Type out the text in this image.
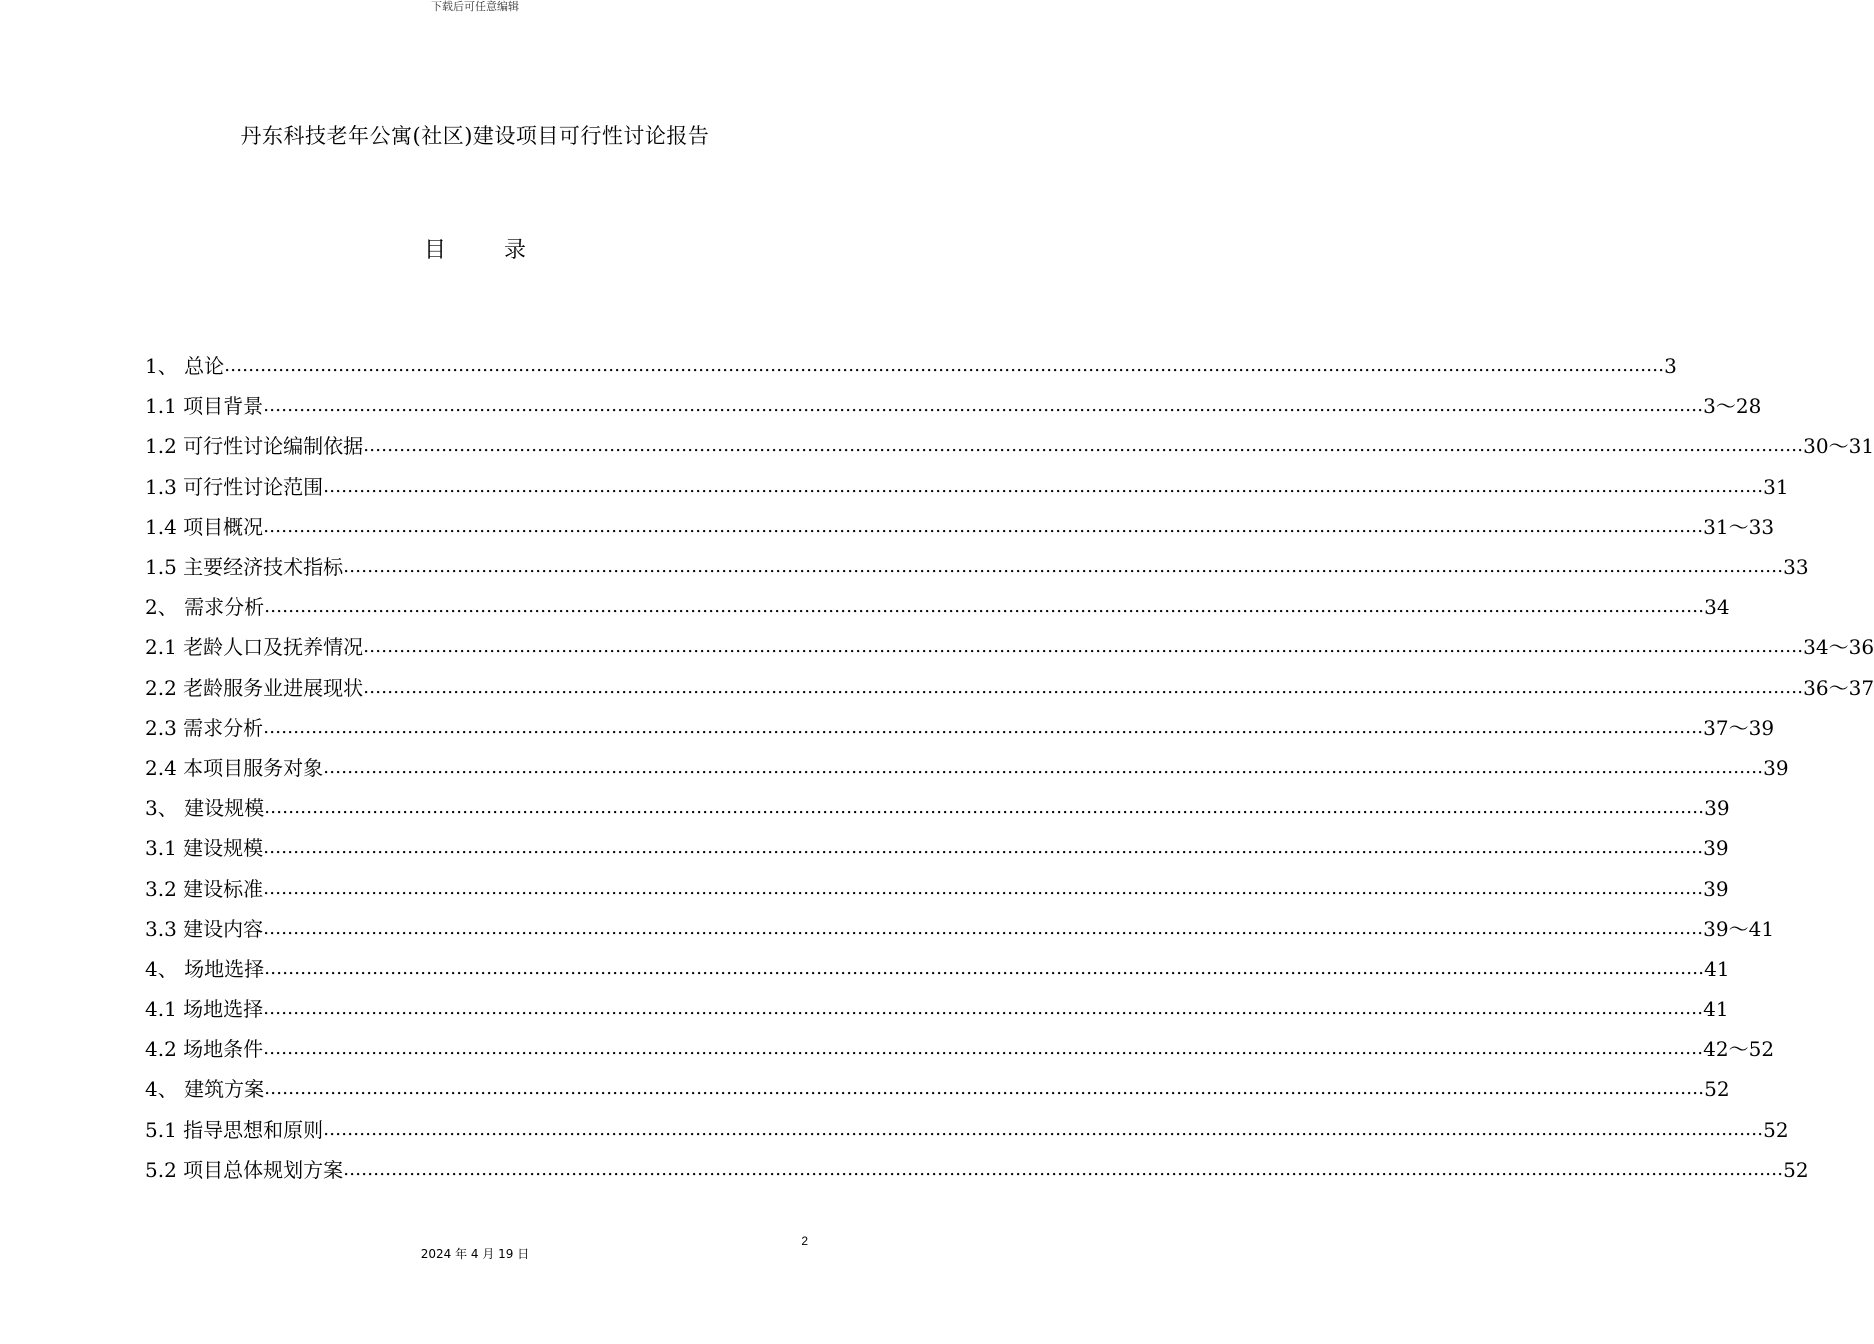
下载后可任意编辑
丹东科技老年公寓(社区)建设项目可行性讨论报告
目	录
1、 总论 …………………………………………………………………………………………………………………………………………………………………………………………………………………… 3
1.1 项目背景 …………………………………………………………………………………………………………………………………………………………………………………………………………………… 3～28
1.2 可行性讨论编制依据 …………………………………………………………………………………………………………………………………………………………………………………………………………………… 30～31
1.3 可行性讨论范围 …………………………………………………………………………………………………………………………………………………………………………………………………………………… 31
1.4 项目概况 …………………………………………………………………………………………………………………………………………………………………………………………………………………… 31～33
1.5 主要经济技术指标 …………………………………………………………………………………………………………………………………………………………………………………………………………………… 33
2、 需求分析 …………………………………………………………………………………………………………………………………………………………………………………………………………………… 34
2.1 老龄人口及抚养情况 …………………………………………………………………………………………………………………………………………………………………………………………………………………… 34～36
2.2 老龄服务业进展现状 …………………………………………………………………………………………………………………………………………………………………………………………………………………… 36～37
2.3 需求分析 …………………………………………………………………………………………………………………………………………………………………………………………………………………… 37～39
2.4 本项目服务对象 …………………………………………………………………………………………………………………………………………………………………………………………………………………… 39
3、 建设规模 …………………………………………………………………………………………………………………………………………………………………………………………………………………… 39
3.1 建设规模 …………………………………………………………………………………………………………………………………………………………………………………………………………………… 39
3.2 建设标准 …………………………………………………………………………………………………………………………………………………………………………………………………………………… 39
3.3 建设内容 …………………………………………………………………………………………………………………………………………………………………………………………………………………… 39～41
4、 场地选择 …………………………………………………………………………………………………………………………………………………………………………………………………………………… 41
4.1 场地选择 …………………………………………………………………………………………………………………………………………………………………………………………………………………… 41
4.2 场地条件 …………………………………………………………………………………………………………………………………………………………………………………………………………………… 42～52
4、 建筑方案 …………………………………………………………………………………………………………………………………………………………………………………………………………………… 52
5.1 指导思想和原则 …………………………………………………………………………………………………………………………………………………………………………………………………………………… 52
5.2 项目总体规划方案 …………………………………………………………………………………………………………………………………………………………………………………………………………………… 52
2
2024 年 4 月 19 日
